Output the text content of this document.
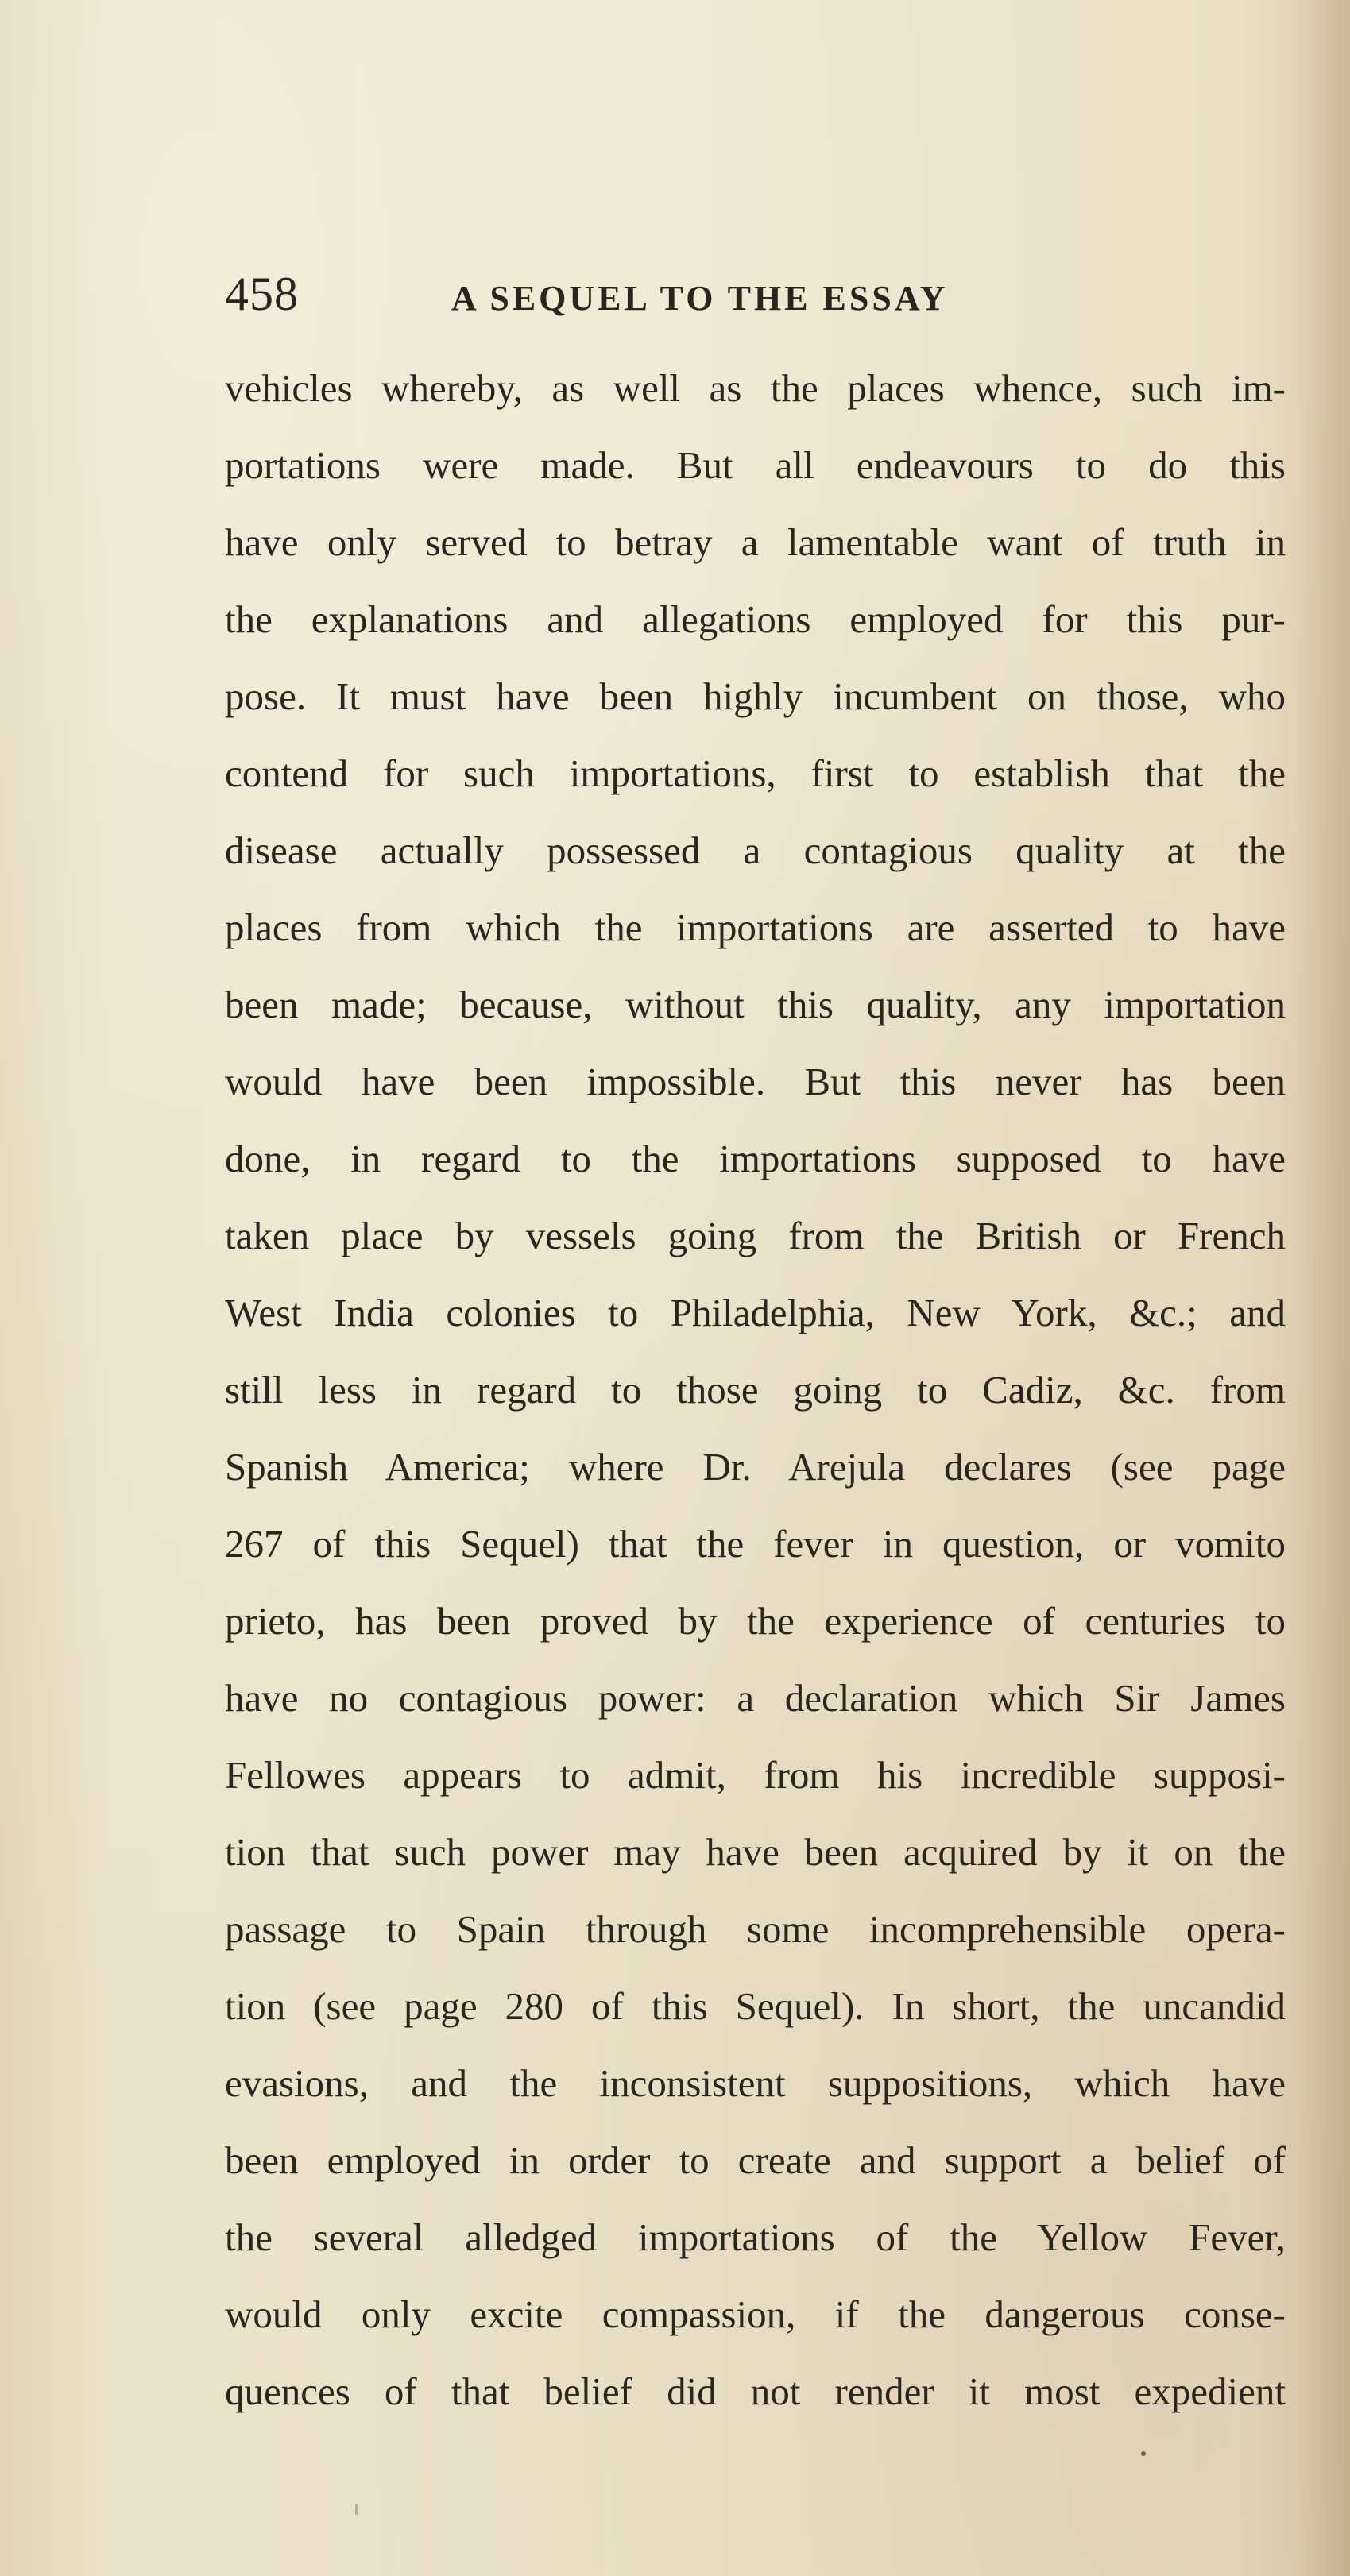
458	A SEQUEL TO THE ESSAY
vehicles whereby, as well as the places whence, such im-
portations were made. But all endeavours to do this
have only served to betray a lamentable want of truth in
the explanations and allegations employed for this pur-
pose. It must have been highly incumbent on those, who
contend for such importations, first to establish that the
disease actually possessed a contagious quality at the
places from which the importations are asserted to have
been made; because, without this quality, any importation
would have been impossible. But this never has been
done, in regard to the importations supposed to have
taken place by vessels going from the British or French
West India colonies to Philadelphia, New York, &c.; and
still less in regard to those going to Cadiz, &c. from
Spanish America; where Dr. Arejula declares (see page
267 of this Sequel) that the fever in question, or vomito
prieto, has been proved by the experience of centuries to
have no contagious power: a declaration which Sir James
Fellowes appears to admit, from his incredible supposi-
tion that such power may have been acquired by it on the
passage to Spain through some incomprehensible opera-
tion (see page 280 of this Sequel). In short, the uncandid
evasions, and the inconsistent suppositions, which have
been employed in order to create and support a belief of
the several alledged importations of the Yellow Fever,
would only excite compassion, if the dangerous conse-
quences of that belief did not render it most expedient
